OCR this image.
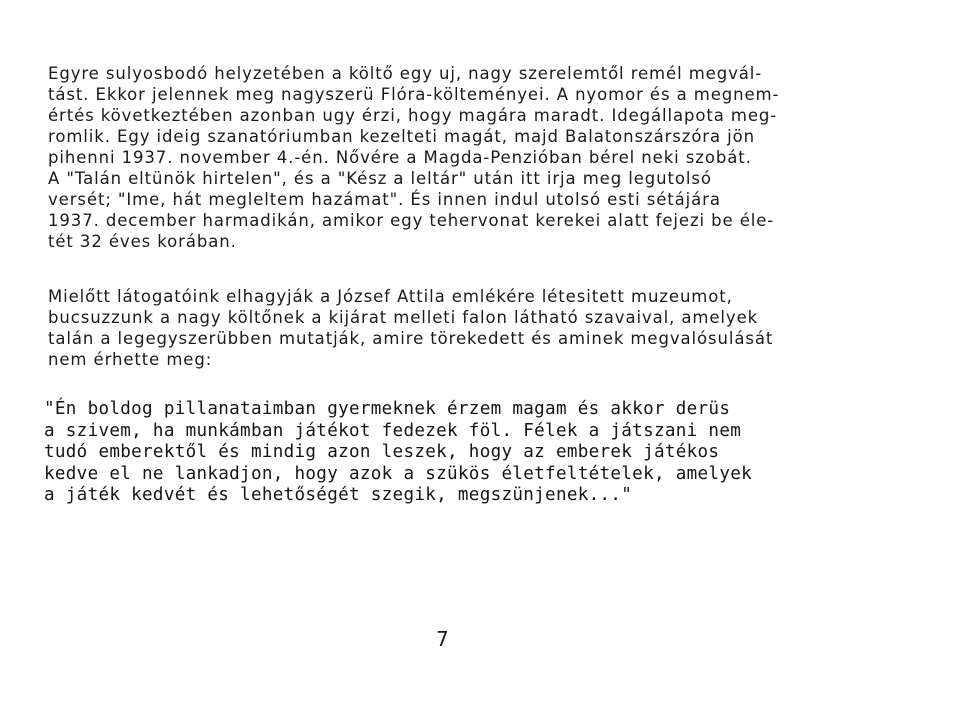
Egyre sulyosbodó helyzetében a költő egy uj, nagy szerelemtől remél megvál-
tást. Ekkor jelennek meg nagyszerü Flóra-költeményei. A nyomor és a megnem-
értés következtében azonban ugy érzi, hogy magára maradt. Idegállapota meg-
romlik. Egy ideig szanatóriumban kezelteti magát, majd Balatonszárszóra jön
pihenni 1937. november 4.-én. Nővére a Magda-Penzióban bérel neki szobát.
A "Talán eltünök hirtelen", és a "Kész a leltár" után itt irja meg legutolsó
versét; "Ime, hát megleltem hazámat". És innen indul utolsó esti sétájára
1937. december harmadikán, amikor egy tehervonat kerekei alatt fejezi be éle-
tét 32 éves korában.
Mielőtt látogatóink elhagyják a József Attila emlékére létesitett muzeumot,
bucsuzzunk a nagy költőnek a kijárat melleti falon látható szavaival, amelyek
talán a legegyszerübben mutatják, amire törekedett és aminek megvalósulását
nem érhette meg:
"Én boldog pillanataimban gyermeknek érzem magam és akkor derüs
a szivem, ha munkámban játékot fedezek föl. Félek a játszani nem
tudó emberektől és mindig azon leszek, hogy az emberek játékos
kedve el ne lankadjon, hogy azok a szükös életfeltételek, amelyek
a játék kedvét és lehetőségét szegik, megszünjenek..."
7
